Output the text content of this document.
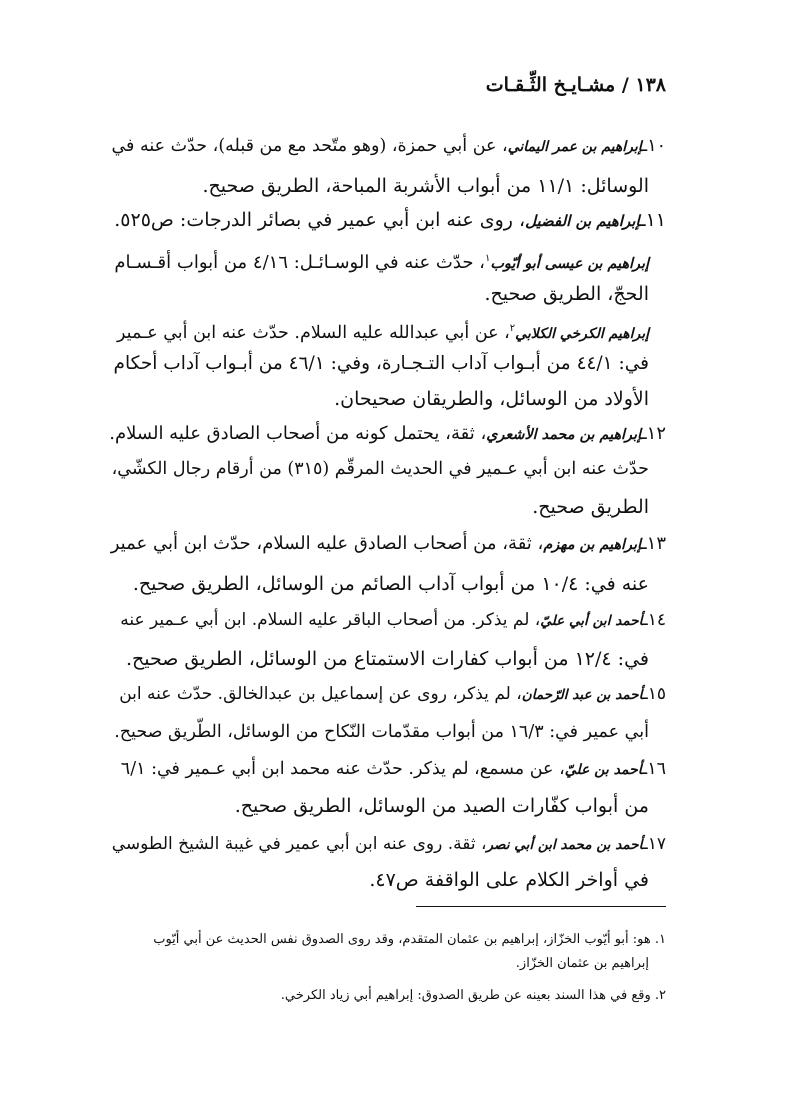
١٣٨ / مشـايـخ الثِّـقـات
١٠ـإبراهيم بن عمر اليماني، عن أبي حمزة، (وهو متّحد مع من قبله)، حدّث عنه في
الوسائل: ١١/١ من أبواب الأشربة المباحة، الطريق صحيح.
١١ـإبراهيم بن الفضيل، روى عنه ابن أبي عمير في بصائر الدرجات: ص٥٢٥.
إبراهيم بن عيسى أبو أيّوب$^١$، حدّث عنه في الوسـائـل: ٤/١٦ من أبواب أقـسـام
الحجّ، الطريق صحيح.
إبراهيم الكرخي الكلابي$^٢$، عن أبي عبدالله عليه السلام. حدّث عنه ابن أبي عـمير
في: ٤٤/١ من أبـواب آداب التـجـارة، وفي: ٤٦/١ من أبـواب آداب أحكام
الأولاد من الوسائل، والطريقان صحيحان.
١٢ـإبراهيم بن محمد الأشعري، ثقة، يحتمل كونه من أصحاب الصادق عليه السلام.
حدّث عنه ابن أبي عـمير في الحديث المرقّم (٣١٥) من أرقام رجال الكشّي،
الطريق صحيح.
١٣ـإبراهيم بن مهزم، ثقة، من أصحاب الصادق عليه السلام، حدّث ابن أبي عمير
عنه في: ١٠/٤ من أبواب آداب الصائم من الوسائل، الطريق صحيح.
١٤ـأحمد ابن أبي عليّ، لم يذكر. من أصحاب الباقر عليه السلام. ابن أبي عـمير عنه
في: ١٢/٤ من أبواب كفارات الاستمتاع من الوسائل، الطريق صحيح.
١٥ـأحمد بن عبد الرّحمان، لم يذكر، روى عن إسماعيل بن عبدالخالق. حدّث عنه ابن
أبي عمير في: ١٦/٣ من أبواب مقدّمات النّكاح من الوسائل، الطّريق صحيح.
١٦ـأحمد بن عليّ، عن مسمع، لم يذكر. حدّث عنه محمد ابن أبي عـمير في: ٦/١
من أبواب كفّارات الصيد من الوسائل، الطريق صحيح.
١٧ـأحمد بن محمد ابن أبي نصر، ثقة. روى عنه ابن أبي عمير في غيبة الشيخ الطوسي
في أواخر الكلام على الواقفة ص٤٧.
١. هو: أبو أيّوب الخزّاز، إبراهيم بن عثمان المتقدم، وقد روى الصدوق نفس الحديث عن أبي أيّوب
إبراهيم بن عثمان الخزّاز.
٢. وقع في هذا السند بعينه عن طريق الصدوق: إبراهيم أبي زياد الكرخي.
